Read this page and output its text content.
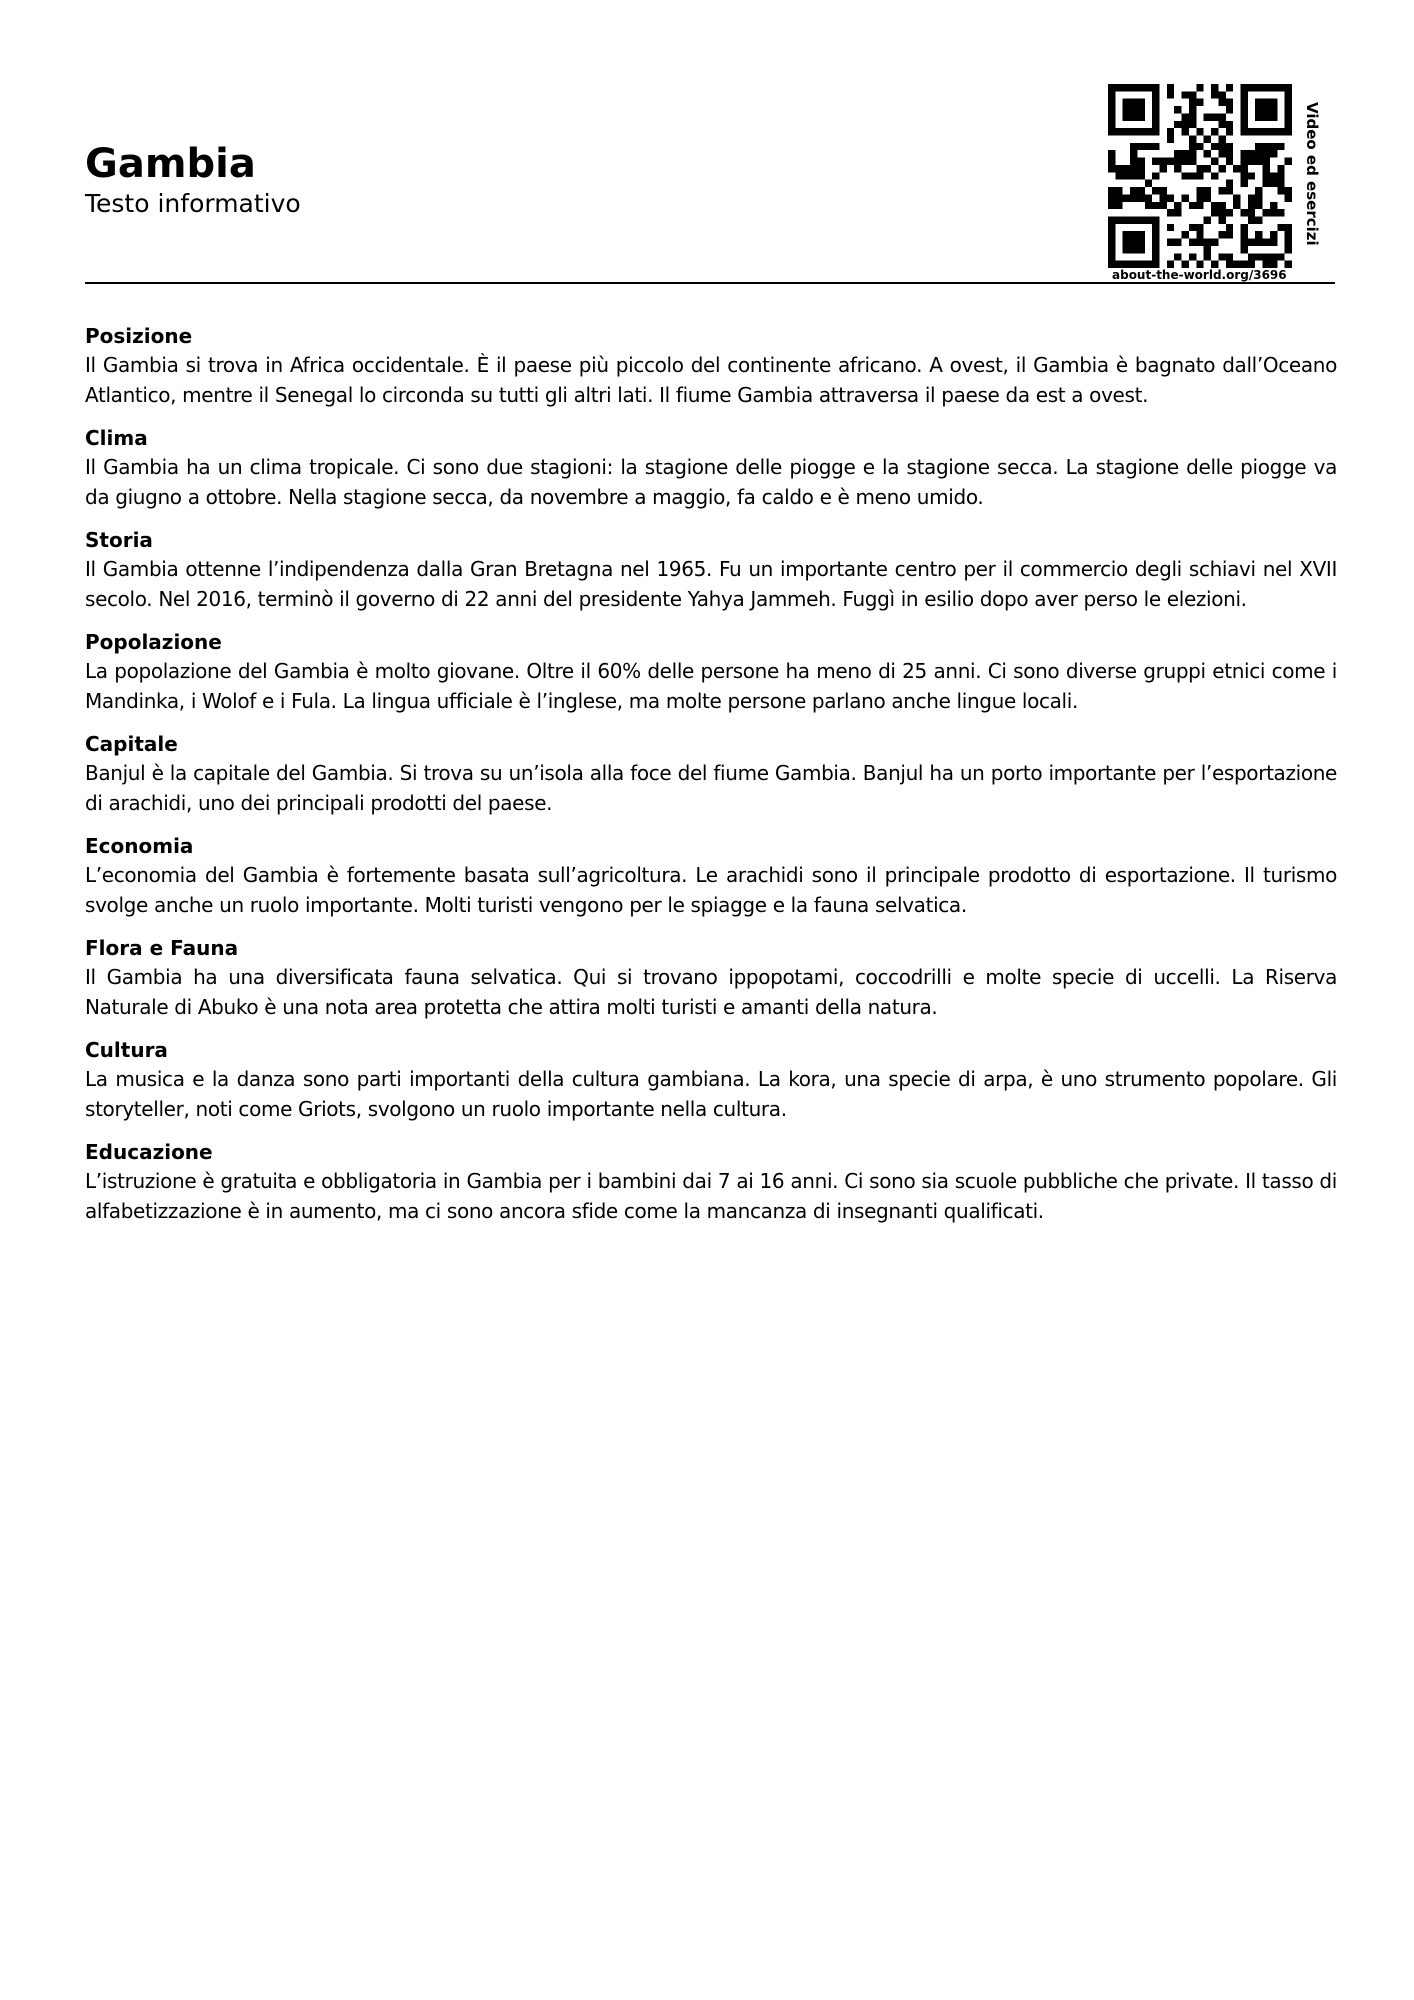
Gambia

Testo informativo

about-the-world.org/3696
Video ed esercizi
Posizione

Il Gambia si trova in Africa occidentale. È il paese più piccolo del continente africano. A ovest, il Gambia è bagnato dall’Oceano Atlantico, mentre il Senegal lo circonda su tutti gli altri lati. Il fiume Gambia attraversa il paese da est a ovest.

Clima

Il Gambia ha un clima tropicale. Ci sono due stagioni: la stagione delle piogge e la stagione secca. La stagione delle piogge va da giugno a ottobre. Nella stagione secca, da novembre a maggio, fa caldo e è meno umido.

Storia

Il Gambia ottenne l’indipendenza dalla Gran Bretagna nel 1965. Fu un importante centro per il commercio degli schiavi nel XVII secolo. Nel 2016, terminò il governo di 22 anni del presidente Yahya Jammeh. Fuggì in esilio dopo aver perso le elezioni.

Popolazione

La popolazione del Gambia è molto giovane. Oltre il 60% delle persone ha meno di 25 anni. Ci sono diverse gruppi etnici come i Mandinka, i Wolof e i Fula. La lingua ufficiale è l’inglese, ma molte persone parlano anche lingue locali.

Capitale

Banjul è la capitale del Gambia. Si trova su un’isola alla foce del fiume Gambia. Banjul ha un porto importante per l’esportazione di arachidi, uno dei principali prodotti del paese.

Economia

L’economia del Gambia è fortemente basata sull’agricoltura. Le arachidi sono il principale prodotto di esportazione. Il turismo svolge anche un ruolo importante. Molti turisti vengono per le spiagge e la fauna selvatica.

Flora e Fauna

Il Gambia ha una diversificata fauna selvatica. Qui si trovano ippopotami, coccodrilli e molte specie di uccelli. La Riserva Naturale di Abuko è una nota area protetta che attira molti turisti e amanti della natura.

Cultura

La musica e la danza sono parti importanti della cultura gambiana. La kora, una specie di arpa, è uno strumento popolare. Gli storyteller, noti come Griots, svolgono un ruolo importante nella cultura.

Educazione

L’istruzione è gratuita e obbligatoria in Gambia per i bambini dai 7 ai 16 anni. Ci sono sia scuole pubbliche che private. Il tasso di alfabetizzazione è in aumento, ma ci sono ancora sfide come la mancanza di insegnanti qualificati.
